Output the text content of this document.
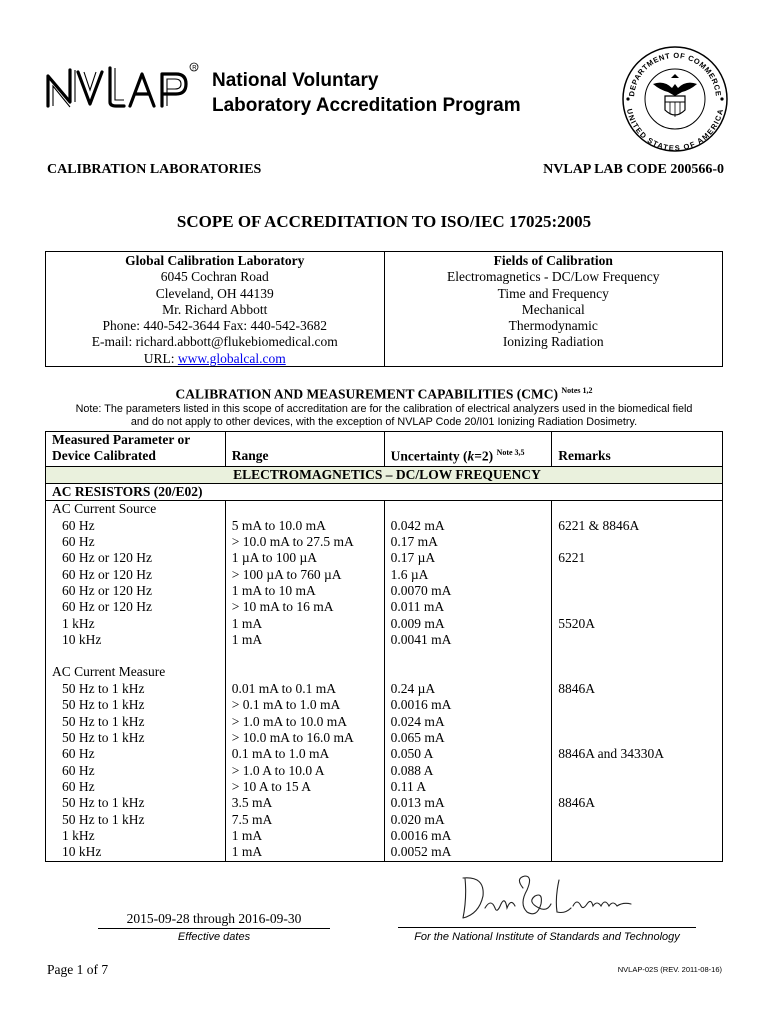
R
National Voluntary
Laboratory Accreditation Program
DEPARTMENT OF COMMERCE
UNITED STATES OF AMERICA
CALIBRATION LABORATORIES	NVLAP LAB CODE 200566-0
SCOPE OF ACCREDITATION TO ISO/IEC 17025:2005
Global Calibration Laboratory
6045 Cochran Road
Cleveland, OH 44139
Mr. Richard Abbott
Phone: 440-542-3644 Fax: 440-542-3682
E-mail: richard.abbott@flukebiomedical.com
URL: www.globalcal.com
Fields of Calibration
Electromagnetics - DC/Low Frequency
Time and Frequency
Mechanical
Thermodynamic
Ionizing Radiation
CALIBRATION AND MEASUREMENT CAPABILITIES (CMC) $^{Notes 1,2}$
Note: The parameters listed in this scope of accreditation are for the calibration of electrical analyzers used in the biomedical field
and do not apply to other devices, with the exception of NVLAP Code 20/I01 Ionizing Radiation Dosimetry.
Measured Parameter or
Device Calibrated	Range	Uncertainty (k=2) $^{Note 3,5}$	Remarks
ELECTROMAGNETICS – DC/LOW FREQUENCY			
AC RESISTORS (20/E02)			
AC Current Source			
60 Hz	5 mA to 10.0 mA	0.042 mA	6221 & 8846A
60 Hz	> 10.0 mA to 27.5 mA	0.17 mA	
60 Hz or 120 Hz	1 µA to 100 µA	0.17 µA	6221
60 Hz or 120 Hz	> 100 µA to 760 µA	1.6 µA	
60 Hz or 120 Hz	1 mA to 10 mA	0.0070 mA	
60 Hz or 120 Hz	> 10 mA to 16 mA	0.011 mA	
1 kHz	1 mA	0.009 mA	5520A
10 kHz	1 mA	0.0041 mA	

AC Current Measure			
50 Hz to 1 kHz	0.01 mA to 0.1 mA	0.24 µA	8846A
50 Hz to 1 kHz	> 0.1 mA to 1.0 mA	0.0016 mA	
50 Hz to 1 kHz	> 1.0 mA to 10.0 mA	0.024 mA	
50 Hz to 1 kHz	> 10.0 mA to 16.0 mA	0.065 mA	
60 Hz	0.1 mA to 1.0 mA	0.050 A	8846A and 34330A
60 Hz	> 1.0 A to 10.0 A	0.088 A	
60 Hz	> 10 A to 15 A	0.11 A	
50 Hz to 1 kHz	3.5 mA	0.013 mA	8846A
50 Hz to 1 kHz	7.5 mA	0.020 mA	
1 kHz	1 mA	0.0016 mA	
10 kHz	1 mA	0.0052 mA	
2015-09-28 through 2016-09-30
Effective dates	For the National Institute of Standards and Technology
Page 1 of 7	NVLAP-02S (REV. 2011-08-16)
